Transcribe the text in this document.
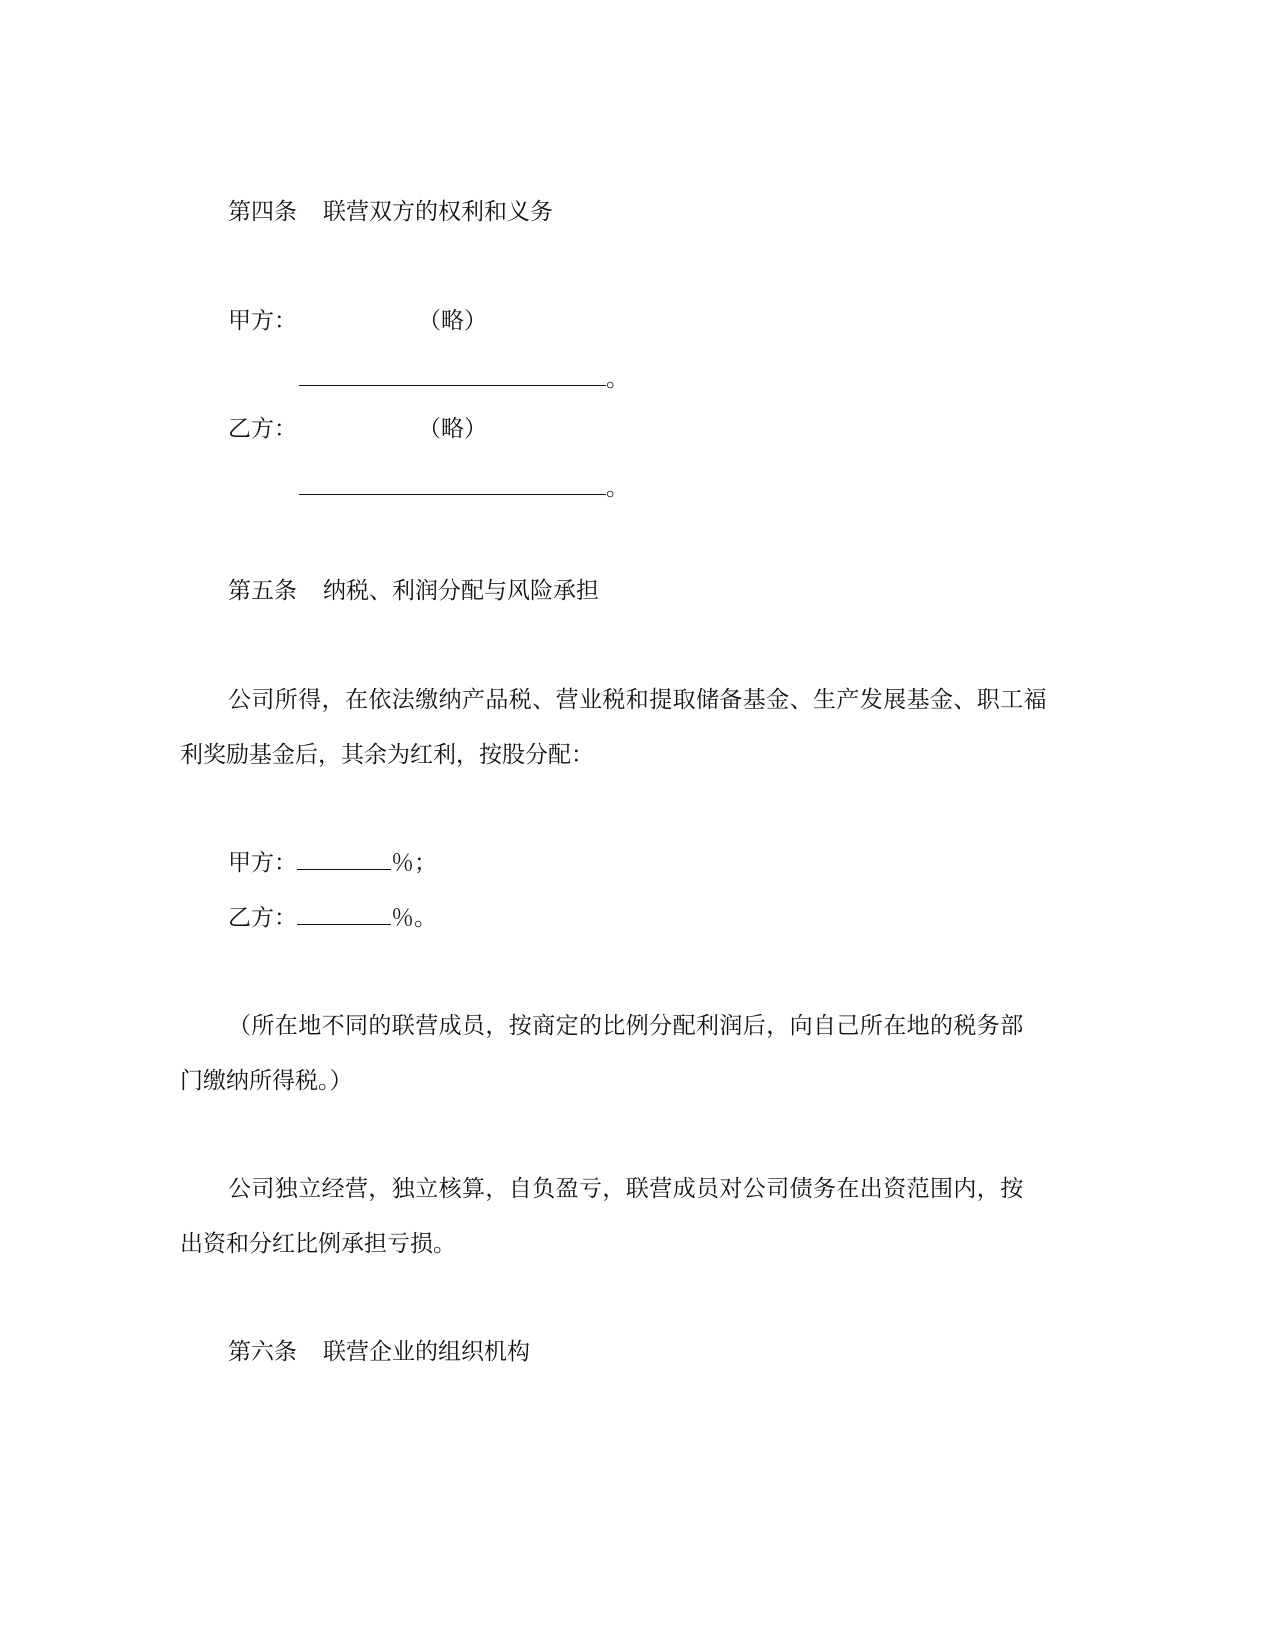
第四条 联营双方的权利和义务
甲方：	（略）
。
乙方：	（略）
。
第五条 纳税、利润分配与风险承担
公司所得，在依法缴纳产品税、营业税和提取储备基金、生产发展基金、职工福
利奖励基金后，其余为红利，按股分配：
甲方：	％；
乙方：	％。
（所在地不同的联营成员，按商定的比例分配利润后，向自己所在地的税务部
门缴纳所得税。）
公司独立经营，独立核算，自负盈亏，联营成员对公司债务在出资范围内，按
出资和分红比例承担亏损。
第六条 联营企业的组织机构
